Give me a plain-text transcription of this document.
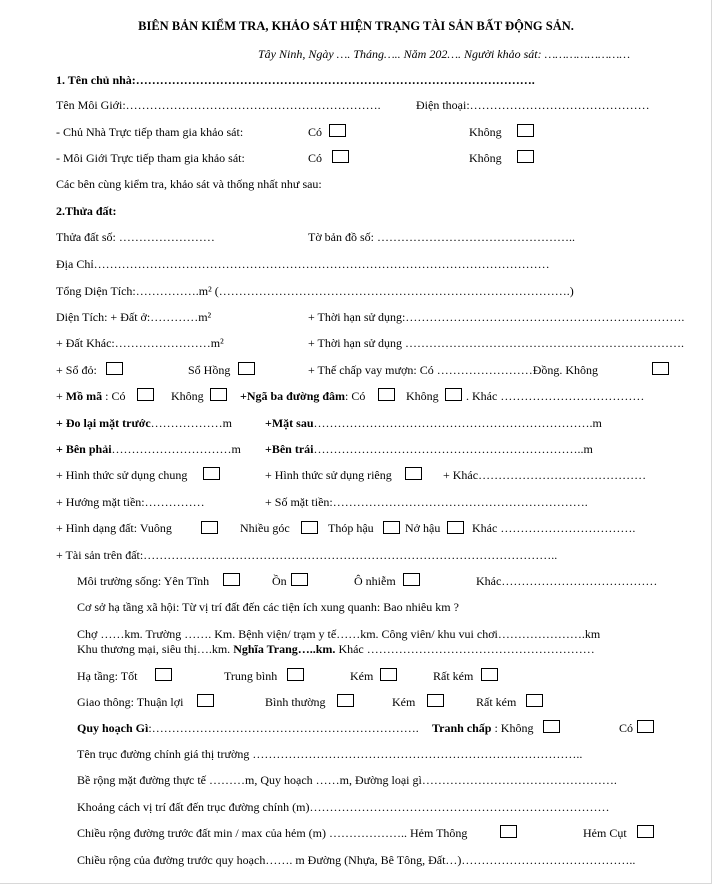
BIÊN BẢN KIỂM TRA, KHẢO SÁT HIỆN TRẠNG TÀI SẢN BẤT ĐỘNG SẢN.
Tây Ninh, Ngày …. Tháng….. Năm 202…. Người khảo sát: ……………………
1. Tên chủ nhà:……………………………………………………………………………………….
Tên Môi Giới:……………………………………………………….	Điện thoại:………………………………………
- Chủ Nhà Trực tiếp tham gia khảo sát:	Có	Không
- Môi Giới Trực tiếp tham gia khảo sát:	Có	Không
Các bên cùng kiểm tra, khảo sát và thống nhất như sau:
2.Thửa đất:
Thửa đất số: ……………………	Tờ bản đồ số: …………………………………………..
Địa Chỉ……………………………………………………………………………………………………
Tổng Diện Tích:…………….m² (…………………………………………………………………………….)
Diện Tích: + Đất ở:…………m²	+ Thời hạn sử dụng:…………………………………………………………….
+ Đất Khác:……………………m²	+ Thời hạn sử dụng …………………………………………………………….
+ Sổ đỏ:	Sổ Hồng	+ Thế chấp vay mượn: Có ……………………Đồng. Không
+ Mồ mã : Có	Không	+Ngã ba đường đâm: Có	Không . Khác ………………………………
+ Đo lại mặt trước………………m	+Mặt sau…………………………………………………………….m
+ Bên phải…………………………m +Bên trái…………………………………………………………..m
+ Hình thức sử dụng chung	+ Hình thức sử dụng riêng	+ Khác……………………………………
+ Hướng mặt tiền:……………	+ Số mặt tiền:……………………………………………………….
+ Hình dạng đất: Vuông	Nhiều góc	Thóp hậu	Nở hậu	Khác …………………………….
+ Tài sản trên đất:…………………………………………………………………………………………..
Môi trường sống: Yên Tĩnh	Ồn	Ô nhiễm	Khác…………………………………
Cơ sở hạ tầng xã hội: Từ vị trí đất đến các tiện ích xung quanh: Bao nhiêu km ?
Chợ ……km. Trường ……. Km. Bệnh viện/ trạm y tế……km. Công viên/ khu vui chơi………………….km
Khu thương mại, siêu thị….km. Nghĩa Trang…..km. Khác …………………………………………………
Hạ tầng: Tốt	Trung bình	Kém	Rất kém
Giao thông: Thuận lợi	Bình thường	Kém	Rất kém
Quy hoạch Gì:…………………………………………………………. Tranh chấp : Không	Có
Tên trục đường chính giá thị trường ………………………………………………………………………..
Bề rộng mặt đường thực tế ………m, Quy hoạch ……m, Đường loại gì………………………………………….
Khoảng cách vị trí đất đến trục đường chính (m)…………………………………………………………………
Chiều rộng đường trước đất min / max của hẻm (m) ……………….. Hẻm Thông	Hẻm Cụt
Chiều rộng của đường trước quy hoạch……. m Đường (Nhựa, Bê Tông, Đất…)……………………………………..
